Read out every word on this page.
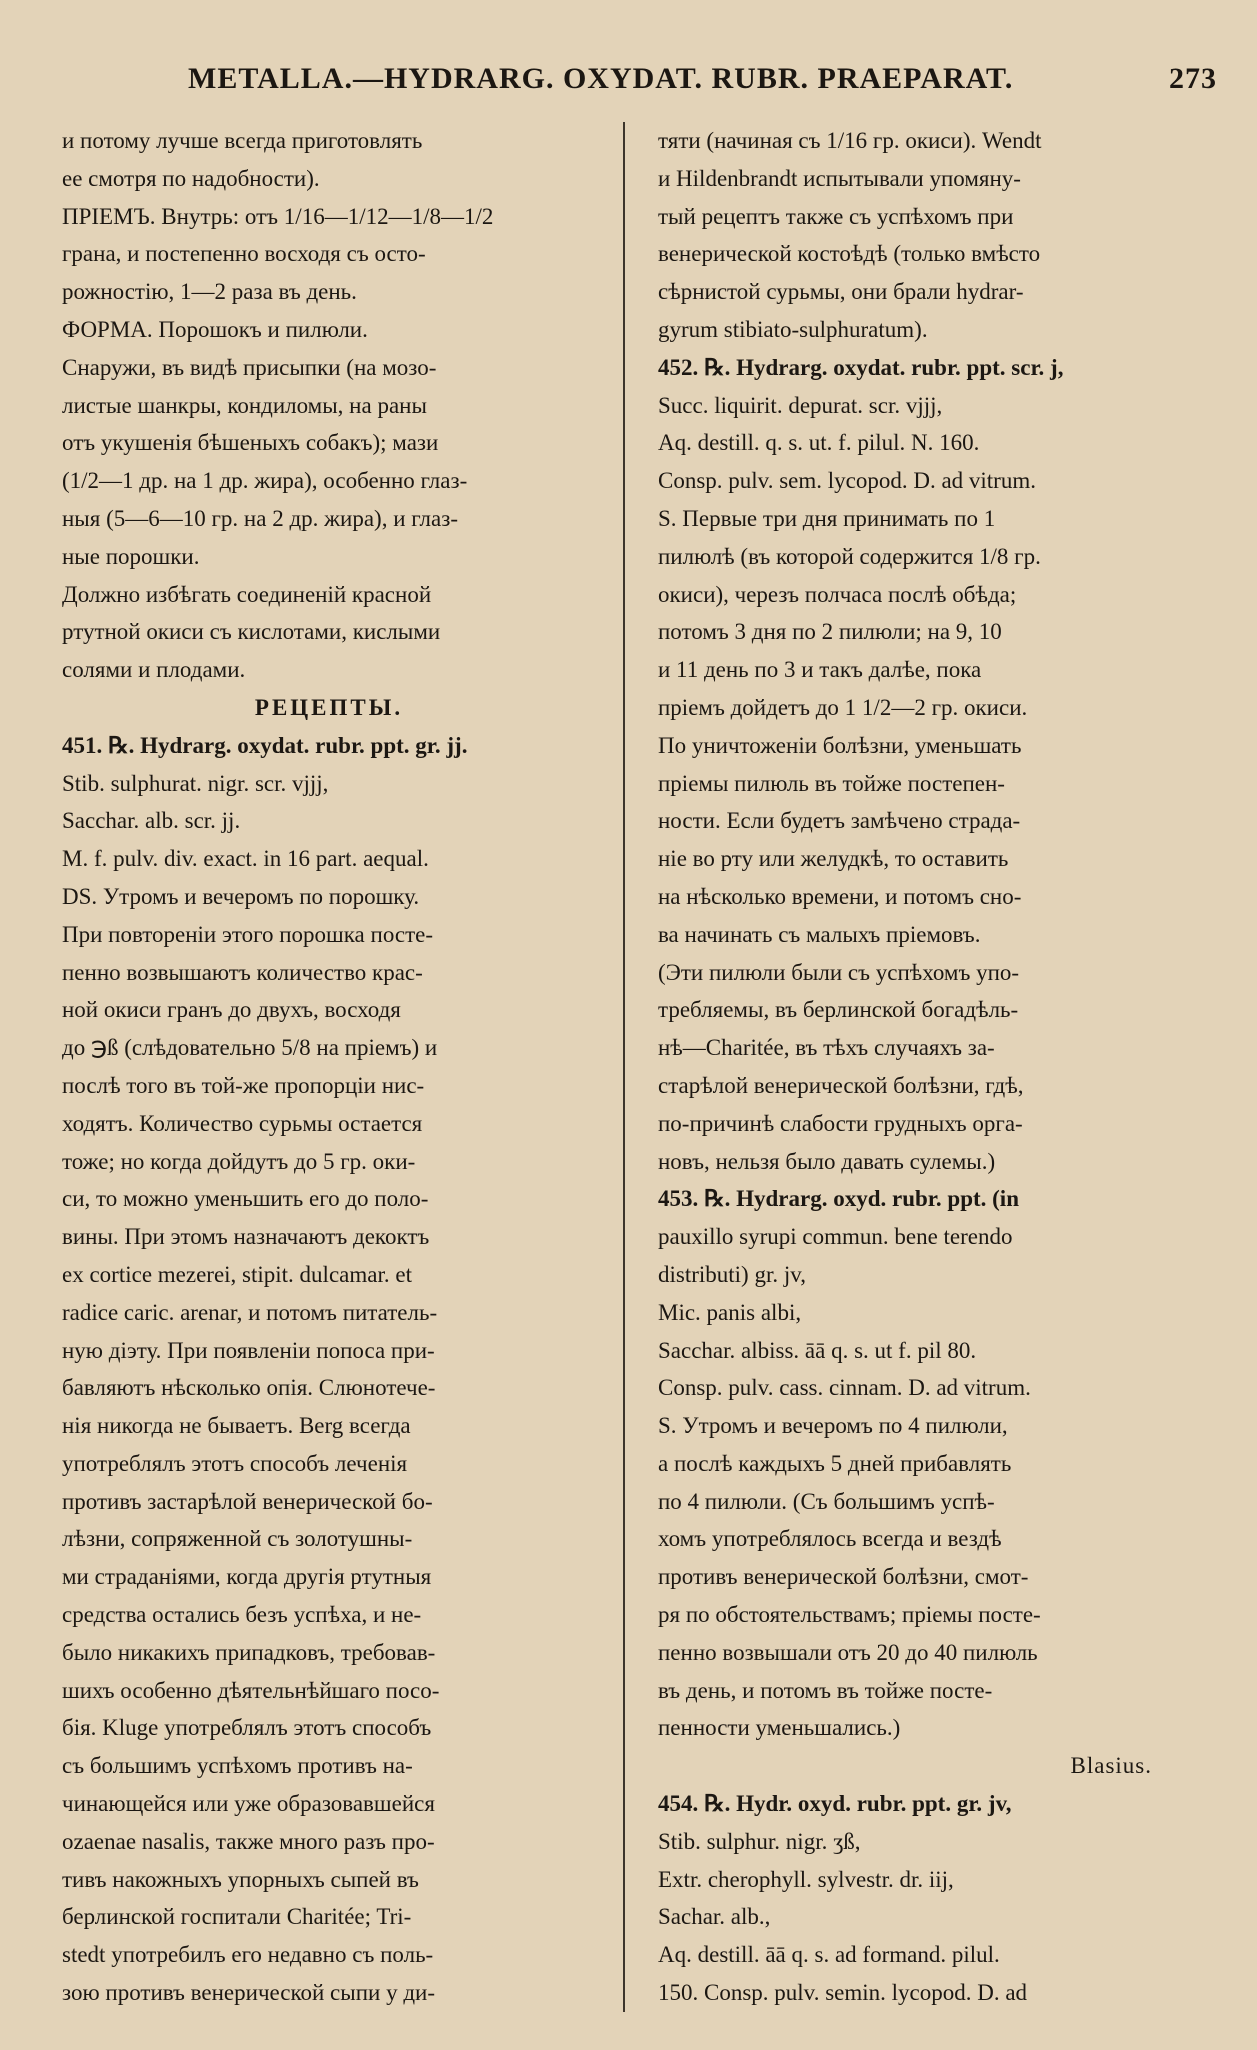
METALLA.—HYDRARG. OXYDAT. RUBR. PRAEPARAT.	273
и потому лучше всегда приготовлять
ее смотря по надобности).
ПРІЕМЪ. Внутрь: отъ 1/16—1/12—1/8—1/2
грана, и постепенно восходя съ осто-
рожностію, 1—2 раза въ день.
ФОРМА. Порошокъ и пилюли.
Снаружи, въ видѣ присыпки (на мозо-
листые шанкры, кондиломы, на раны
отъ укушенія бѣшеныхъ собакъ); мази
(1/2—1 др. на 1 др. жира), особенно глаз-
ныя (5—6—10 гр. на 2 др. жира), и глаз-
ные порошки.
Должно избѣгать соединеній красной
ртутной окиси съ кислотами, кислыми
солями и плодами.
РЕЦЕПТЫ.
451. ℞. Hydrarg. oxydat. rubr. ppt. gr. jj.
Stib. sulphurat. nigr. scr. vjjj,
Sacchar. alb. scr. jj.
M. f. pulv. div. exact. in 16 part. aequal.
DS. Утромъ и вечеромъ по порошку.
При повтореніи этого порошка посте-
пенно возвышаютъ количество крас-
ной окиси гранъ до двухъ, восходя
до ℈ß (слѣдовательно 5/8 на пріемъ) и
послѣ того въ той-же пропорціи нис-
ходятъ. Количество сурьмы остается
тоже; но когда дойдутъ до 5 гр. оки-
си, то можно уменьшить его до поло-
вины. При этомъ назначаютъ декоктъ
ex cortice mezerei, stipit. dulcamar. et
radice caric. arenar, и потомъ питатель-
ную діэту. При появленіи попоса при-
бавляютъ нѣсколько опія. Слюнотече-
нія никогда не бываетъ. Berg всегда
употреблялъ этотъ способъ леченія
противъ застарѣлой венерической бо-
лѣзни, сопряженной съ золотушны-
ми страданіями, когда другія ртутныя
средства остались безъ успѣха, и не-
было никакихъ припадковъ, требовав-
шихъ особенно дѣятельнѣйшаго посо-
бія. Kluge употреблялъ этотъ способъ
съ большимъ успѣхомъ противъ на-
чинающейся или уже образовавшейся
ozaenae nasalis, также много разъ про-
тивъ накожныхъ упорныхъ сыпей въ
берлинской госпитали Charitée; Tri-
stedt употребилъ его недавно съ поль-
зою противъ венерической сыпи у ди-
тяти (начиная съ 1/16 гр. окиси). Wendt
и Hildenbrandt испытывали упомяну-
тый рецептъ также съ успѣхомъ при
венерической костоѣдѣ (только вмѣсто
сѣрнистой сурьмы, они брали hydrar-
gyrum stibiato-sulphuratum).
452. ℞. Hydrarg. oxydat. rubr. ppt. scr. j,
Succ. liquirit. depurat. scr. vjjj,
Aq. destill. q. s. ut. f. pilul. N. 160.
Consp. pulv. sem. lycopod. D. ad vitrum.
S. Первые три дня принимать по 1
пилюлѣ (въ которой содержится 1/8 гр.
окиси), черезъ полчаса послѣ обѣда;
потомъ 3 дня по 2 пилюли; на 9, 10
и 11 день по 3 и такъ далѣе, пока
пріемъ дойдетъ до 1 1/2—2 гр. окиси.
По уничтоженіи болѣзни, уменьшать
пріемы пилюль въ тойже постепен-
ности. Если будетъ замѣчено страда-
ніе во рту или желудкѣ, то оставить
на нѣсколько времени, и потомъ сно-
ва начинать съ малыхъ пріемовъ.
(Эти пилюли были съ успѣхомъ упо-
требляемы, въ берлинской богадѣль-
нѣ—Charitée, въ тѣхъ случаяхъ за-
старѣлой венерической болѣзни, гдѣ,
по-причинѣ слабости грудныхъ орга-
новъ, нельзя было давать сулемы.)
453. ℞. Hydrarg. oxyd. rubr. ppt. (in
pauxillo syrupi commun. bene terendo
distributi) gr. jv,
Mic. panis albi,
Sacchar. albiss. āā q. s. ut f. pil 80.
Consp. pulv. cass. cinnam. D. ad vitrum.
S. Утромъ и вечеромъ по 4 пилюли,
а послѣ каждыхъ 5 дней прибавлять
по 4 пилюли. (Съ большимъ успѣ-
хомъ употреблялось всегда и вездѣ
противъ венерической болѣзни, смот-
ря по обстоятельствамъ; пріемы посте-
пенно возвышали отъ 20 до 40 пилюль
въ день, и потомъ въ тойже посте-
пенности уменьшались.)
Blasius.
454. ℞. Hydr. oxyd. rubr. ppt. gr. jv,
Stib. sulphur. nigr. ʒß,
Extr. cherophyll. sylvestr. dr. iij,
Sachar. alb.,
Aq. destill. āā q. s. ad formand. pilul.
150. Consp. pulv. semin. lycopod. D. ad
